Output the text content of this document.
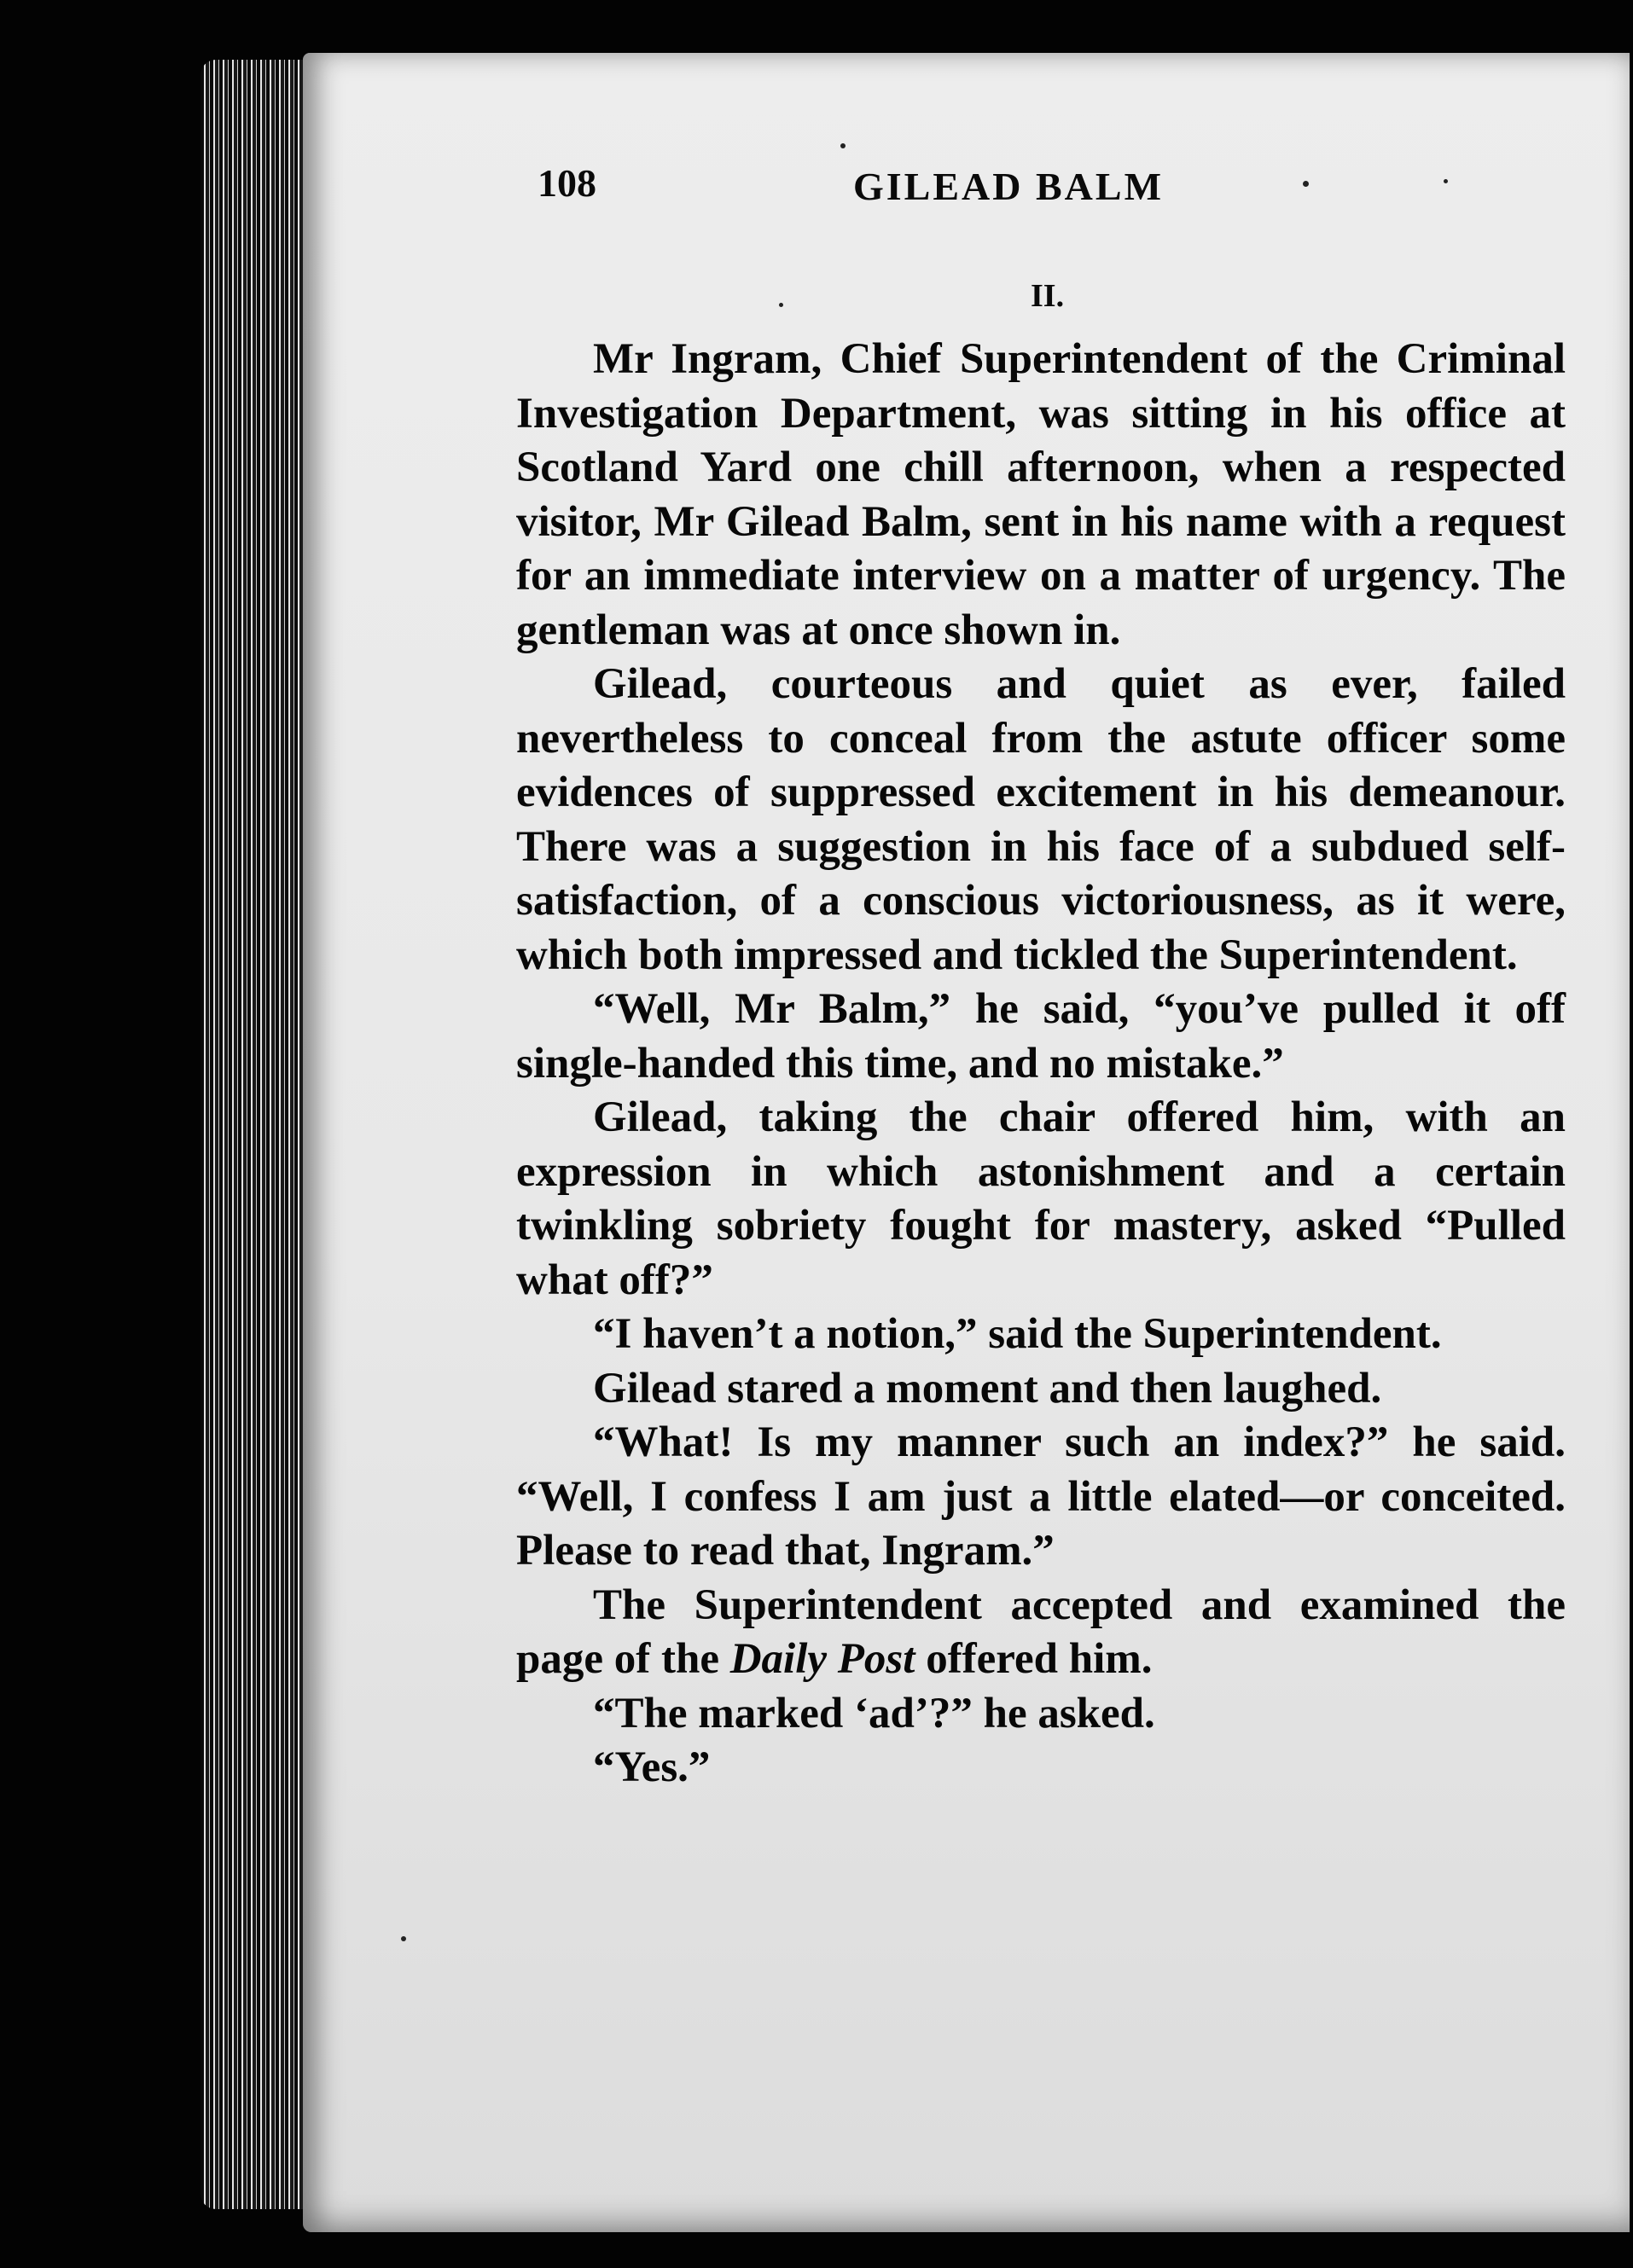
108	GILEAD BALM
II.

Mr Ingram, Chief Superintendent of the Criminal Investigation Department, was sitting in his office at Scotland Yard one chill afternoon, when a respected visitor, Mr Gilead Balm, sent in his name with a request for an immediate interview on a matter of urgency. The gentleman was at once shown in.

Gilead, courteous and quiet as ever, failed nevertheless to conceal from the astute officer some evidences of suppressed excitement in his demeanour. There was a suggestion in his face of a subdued self-satisfaction, of a conscious victoriousness, as it were, which both impressed and tickled the Superintendent.

“Well, Mr Balm,” he said, “you’ve pulled it off single-handed this time, and no mistake.”

Gilead, taking the chair offered him, with an expression in which astonishment and a certain twinkling sobriety fought for mastery, asked “Pulled what off?”

“I haven’t a notion,” said the Superintendent.

Gilead stared a moment and then laughed.

“What! Is my manner such an index?” he said. “Well, I confess I am just a little elated—or conceited. Please to read that, Ingram.”

The Superintendent accepted and examined the page of the Daily Post offered him.

“The marked ‘ad’?” he asked.

“Yes.”
